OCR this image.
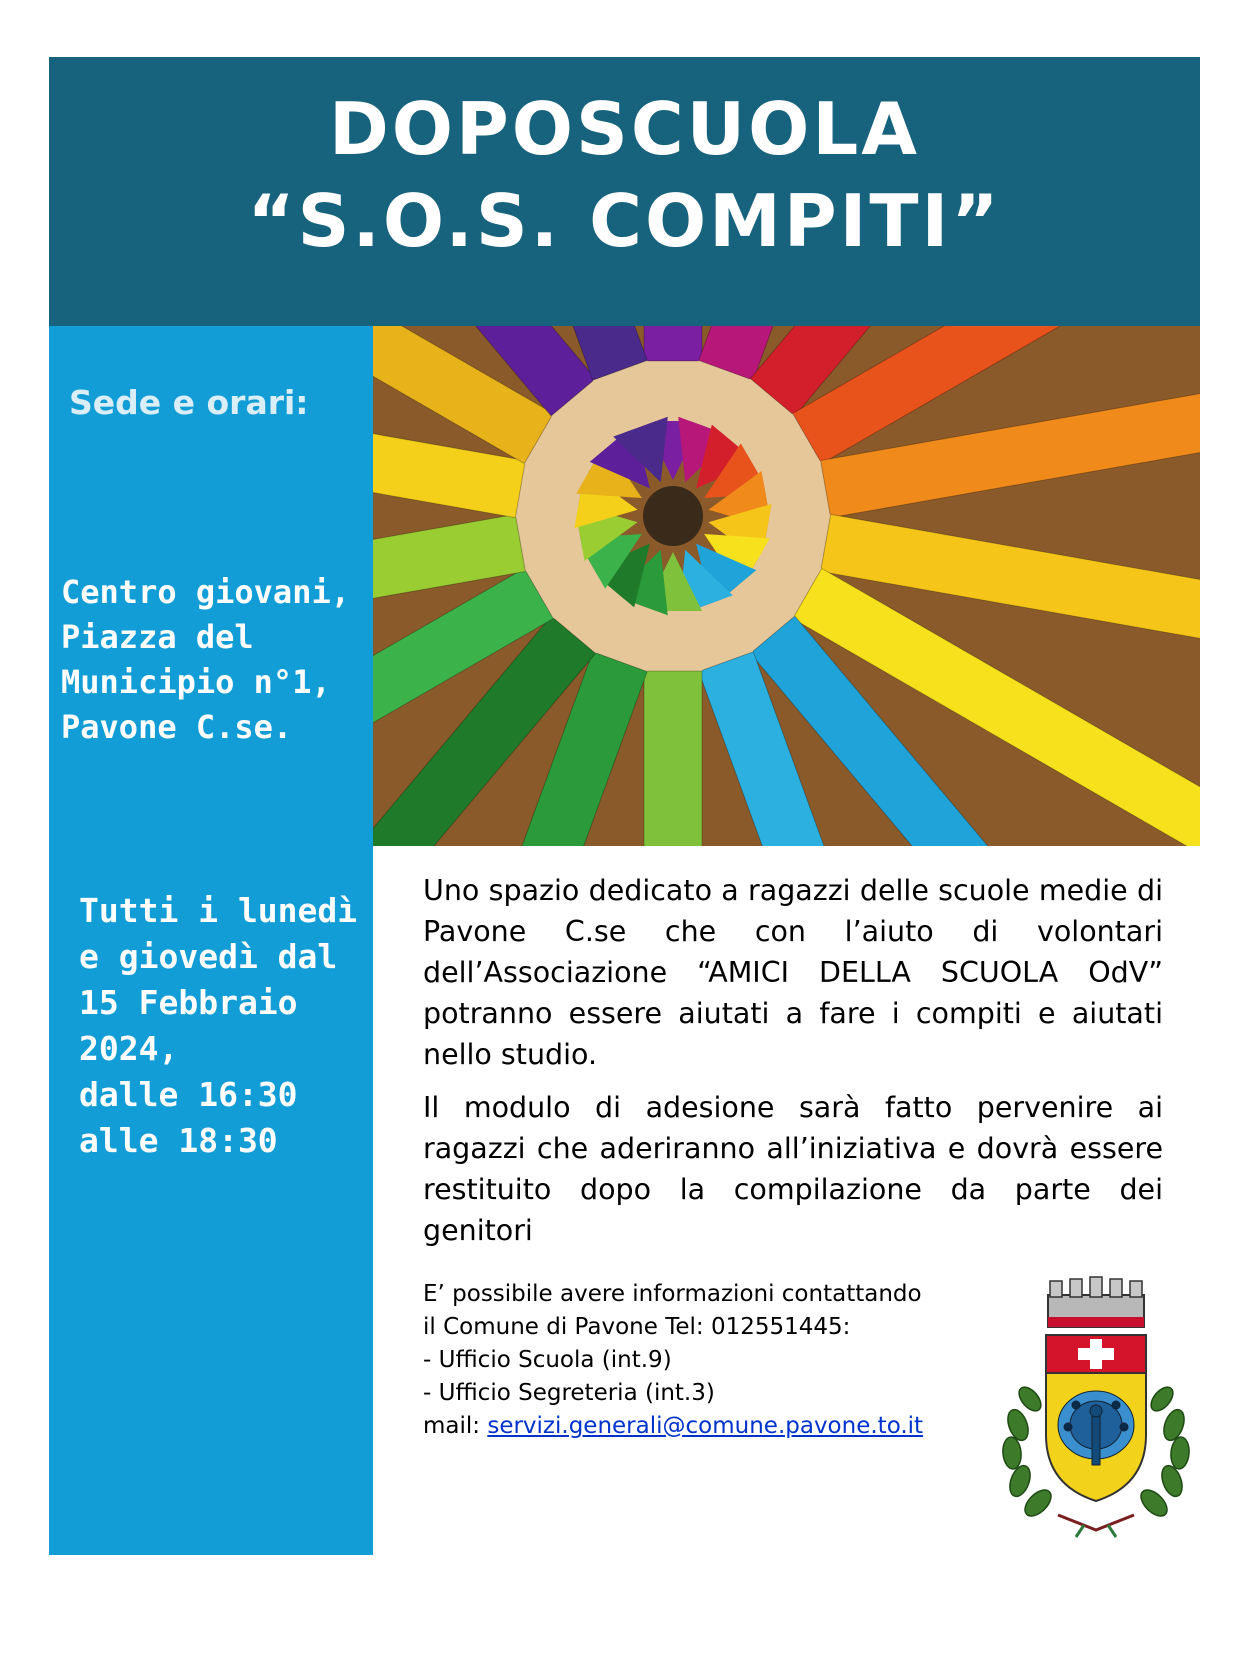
DOPOSCUOLA
“S.O.S. COMPITI”
Sede e orari:
Centro giovani,
Piazza del
Municipio n°1,
Pavone C.se.
Tutti i lunedì
e giovedì dal
15 Febbraio
2024,
dalle 16:30
alle 18:30

Uno spazio dedicato a ragazzi delle scuole medie di Pavone C.se che con l’aiuto di volontari dell’Associazione “AMICI DELLA SCUOLA OdV” potranno essere aiutati a fare i compiti e aiutati nello studio.

Il modulo di adesione sarà fatto pervenire ai ragazzi che aderiranno all’iniziativa e dovrà essere restituito dopo la compilazione da parte dei genitori

E’ possibile avere informazioni contattando
il Comune di Pavone Tel: 012551445:
- Ufficio Scuola (int.9)
- Ufficio Segreteria (int.3)
mail: servizi.generali@comune.pavone.to.it
